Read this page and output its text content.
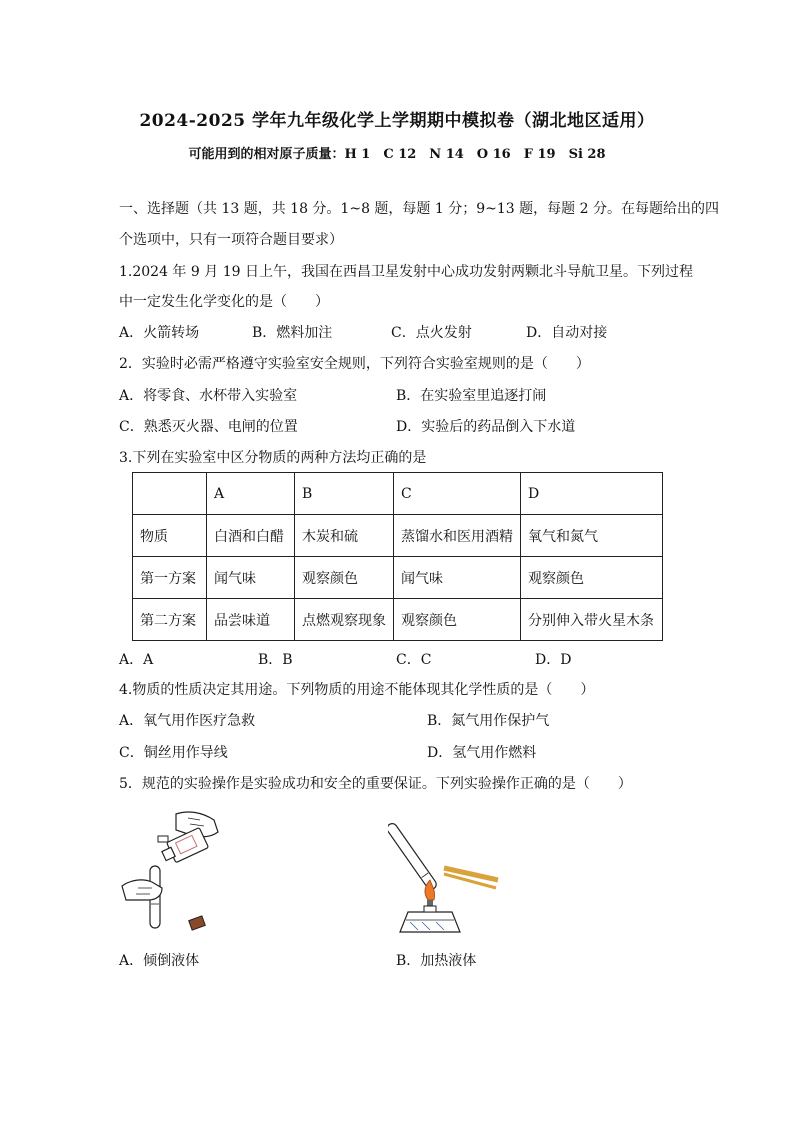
2024-2025 学年九年级化学上学期期中模拟卷（湖北地区适用）
可能用到的相对原子质量：H 1　C 12　N 14　O 16　F 19　Si 28
一、选择题（共 13 题，共 18 分。1~8 题，每题 1 分；9~13 题，每题 2 分。在每题给出的四
个选项中，只有一项符合题目要求）
1.2024 年 9 月 19 日上午，我国在西昌卫星发射中心成功发射两颗北斗导航卫星。下列过程
中一定发生化学变化的是（　　）
A．火箭转场	B．燃料加注	C．点火发射	D．自动对接
2．实验时必需严格遵守实验室安全规则，下列符合实验室规则的是（　　）
A．将零食、水杯带入实验室	B．在实验室里追逐打闹
C．熟悉灭火器、电闸的位置	D．实验后的药品倒入下水道
3.下列在实验室中区分物质的两种方法均正确的是
	A	B	C	D
物质	白酒和白醋	木炭和硫	蒸馏水和医用酒精	氧气和氮气
第一方案	闻气味	观察颜色	闻气味	观察颜色
第二方案	品尝味道	点燃观察现象	观察颜色	分别伸入带火星木条
A．A	B．B	C．C	D．D
4.物质的性质决定其用途。下列物质的用途不能体现其化学性质的是（　　）
A．氧气用作医疗急救	B．氮气用作保护气
C．铜丝用作导线	D．氢气用作燃料
5．规范的实验操作是实验成功和安全的重要保证。下列实验操作正确的是（　　）
A．倾倒液体	B．加热液体
